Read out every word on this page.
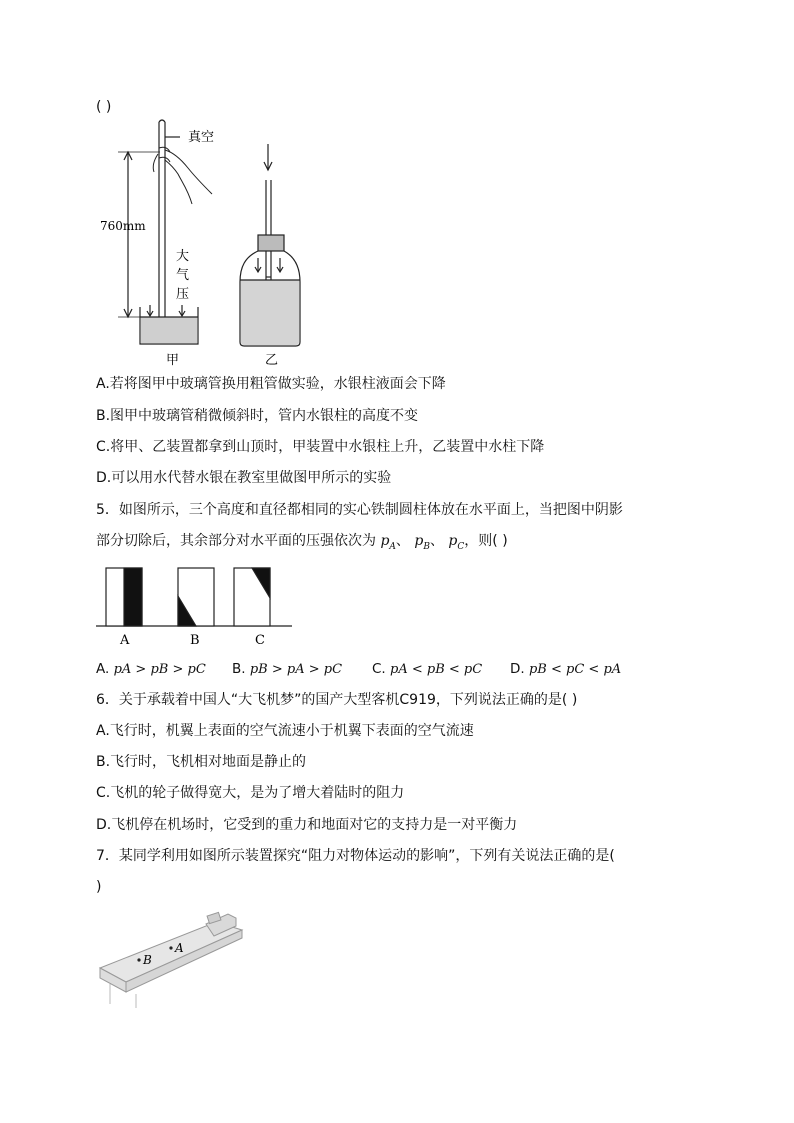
( )
真空
760mm
大
气
压
甲	乙
A.若将图甲中玻璃管换用粗管做实验，水银柱液面会下降
B.图甲中玻璃管稍微倾斜时，管内水银柱的高度不变
C.将甲、乙装置都拿到山顶时，甲装置中水银柱上升，乙装置中水柱下降
D.可以用水代替水银在教室里做图甲所示的实验
5．如图所示，三个高度和直径都相同的实心铁制圆柱体放在水平面上，当把图中阴影
部分切除后，其余部分对水平面的压强依次为 $p_A$、 $p_B$、 $p_C$，则( )
A	B	C
A. pA > pB > pC B. pB > pA > pC C. pA < pB < pC D. pB < pC < pA
6．关于承载着中国人“大飞机梦”的国产大型客机C919，下列说法正确的是( )
A.飞行时，机翼上表面的空气流速小于机翼下表面的空气流速
B.飞行时，飞机相对地面是静止的
C.飞机的轮子做得宽大，是为了增大着陆时的阻力
D.飞机停在机场时，它受到的重力和地面对它的支持力是一对平衡力
7．某同学利用如图所示装置探究“阻力对物体运动的影响”，下列有关说法正确的是(
)
B
A
